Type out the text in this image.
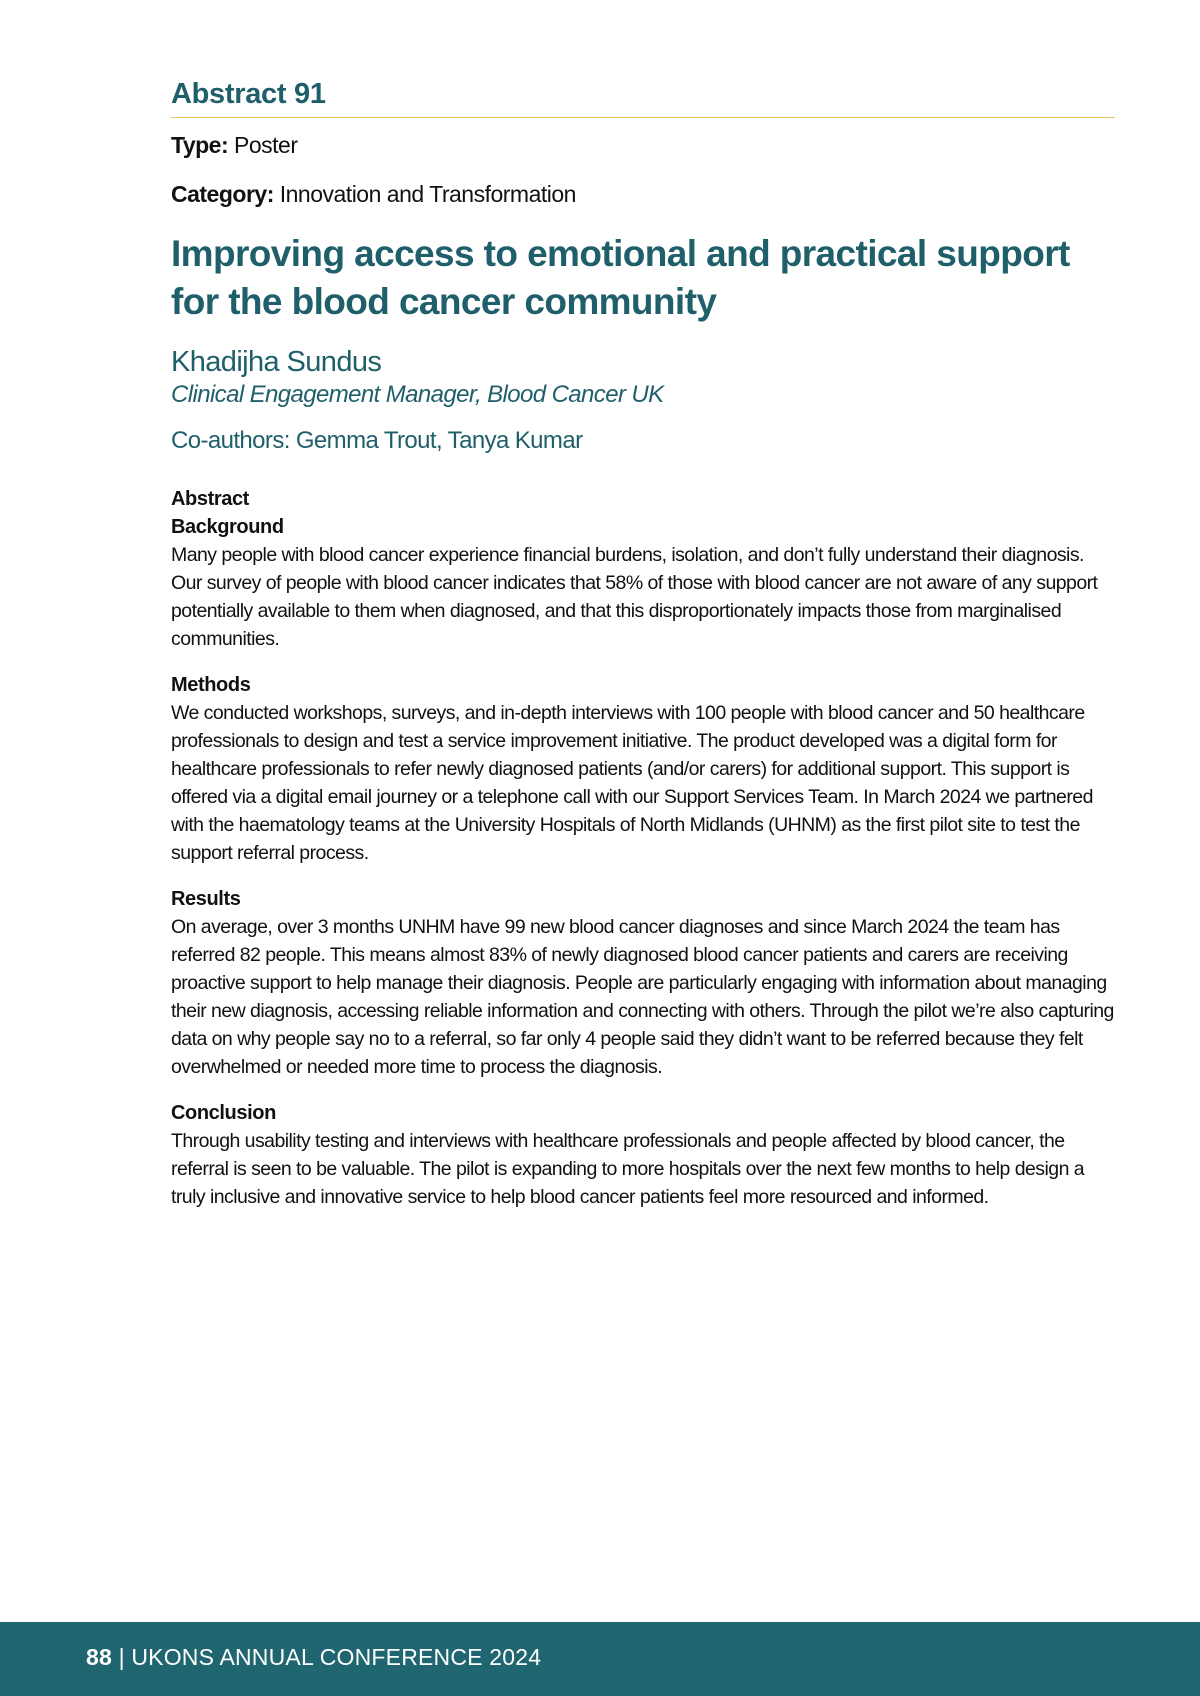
Abstract 91

Type: Poster

Category: Innovation and Transformation

Improving access to emotional and practical support for the blood cancer community

Khadijha Sundus

Clinical Engagement Manager, Blood Cancer UK

Co-authors: Gemma Trout, Tanya Kumar

Abstract

Background

Many people with blood cancer experience financial burdens, isolation, and don’t fully understand their diagnosis. Our survey of people with blood cancer indicates that 58% of those with blood cancer are not aware of any support potentially available to them when diagnosed, and that this disproportionately impacts those from marginalised communities.

Methods

We conducted workshops, surveys, and in-depth interviews with 100 people with blood cancer and 50 healthcare professionals to design and test a service improvement initiative. The product developed was a digital form for healthcare professionals to refer newly diagnosed patients (and/or carers) for additional support. This support is offered via a digital email journey or a telephone call with our Support Services Team. In March 2024 we partnered with the haematology teams at the University Hospitals of North Midlands (UHNM) as the first pilot site to test the support referral process.

Results

On average, over 3 months UNHM have 99 new blood cancer diagnoses and since March 2024 the team has referred 82 people. This means almost 83% of newly diagnosed blood cancer patients and carers are receiving proactive support to help manage their diagnosis. People are particularly engaging with information about managing their new diagnosis, accessing reliable information and connecting with others. Through the pilot we’re also capturing data on why people say no to a referral, so far only 4 people said they didn’t want to be referred because they felt overwhelmed or needed more time to process the diagnosis.

Conclusion

Through usability testing and interviews with healthcare professionals and people affected by blood cancer, the referral is seen to be valuable. The pilot is expanding to more hospitals over the next few months to help design a truly inclusive and innovative service to help blood cancer patients feel more resourced and informed.

88 | UKONS ANNUAL CONFERENCE 2024
